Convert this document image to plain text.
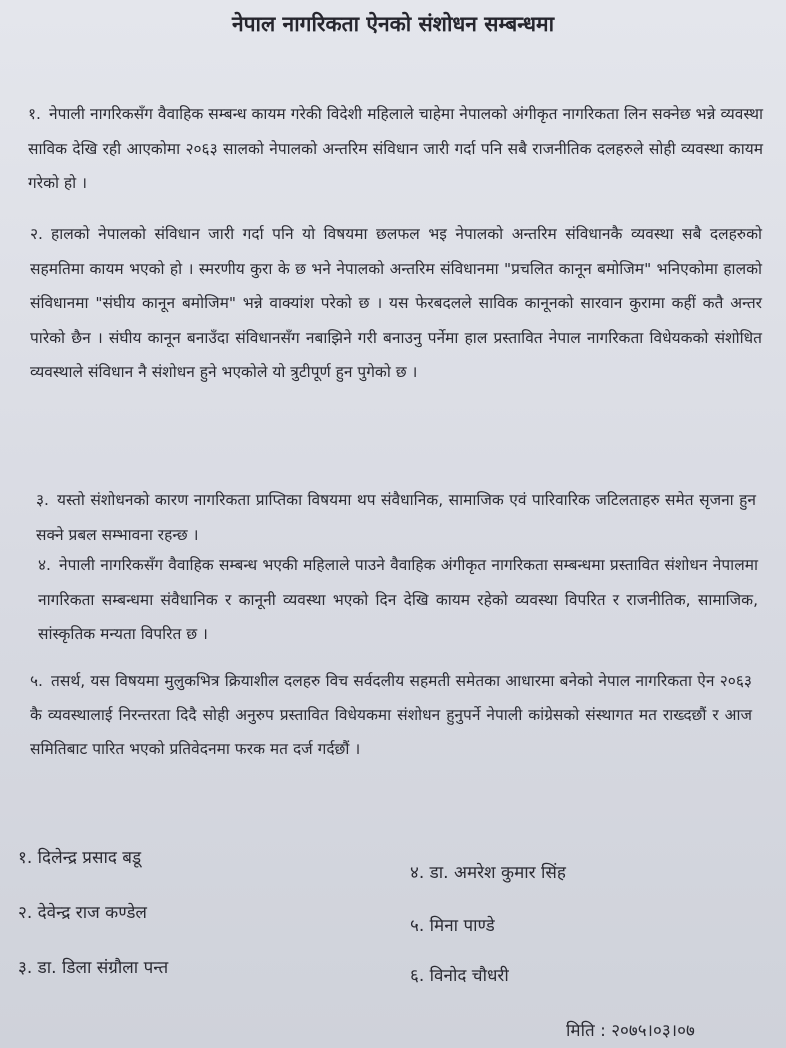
नेपाल नागरिकता ऐनको संशोधन सम्बन्धमा
१. नेपाली नागरिकसँग वैवाहिक सम्बन्ध कायम गरेकी विदेशी महिलाले चाहेमा नेपालको अंगीकृत नागरिकता लिन सक्नेछ भन्ने व्यवस्था साविक देखि रही आएकोमा २०६३ सालको नेपालको अन्तरिम संविधान जारी गर्दा पनि सबै राजनीतिक दलहरुले सोही व्यवस्था कायम गरेको हो ।
२. हालको नेपालको संविधान जारी गर्दा पनि यो विषयमा छलफल भइ नेपालको अन्तरिम संविधानकै व्यवस्था सबै दलहरुको सहमतिमा कायम भएको हो । स्मरणीय कुरा के छ भने नेपालको अन्तरिम संविधानमा "प्रचलित कानून बमोजिम" भनिएकोमा हालको संविधानमा "संघीय कानून बमोजिम" भन्ने वाक्यांश परेको छ । यस फेरबदलले साविक कानूनको सारवान कुरामा कहीं कतै अन्तर पारेको छैन । संघीय कानून बनाउँदा संविधानसँग नबाझिने गरी बनाउनु पर्नेमा हाल प्रस्तावित नेपाल नागरिकता विधेयकको संशोधित व्यवस्थाले संविधान नै संशोधन हुने भएकोले यो त्रुटीपूर्ण हुन पुगेको छ ।
३. यस्तो संशोधनको कारण नागरिकता प्राप्तिका विषयमा थप संवैधानिक, सामाजिक एवं पारिवारिक जटिलताहरु समेत सृजना हुन सक्ने प्रबल सम्भावना रहन्छ ।
४. नेपाली नागरिकसँग वैवाहिक सम्बन्ध भएकी महिलाले पाउने वैवाहिक अंगीकृत नागरिकता सम्बन्धमा प्रस्तावित संशोधन नेपालमा नागरिकता सम्बन्धमा संवैधानिक र कानूनी व्यवस्था भएको दिन देखि कायम रहेको व्यवस्था विपरित र राजनीतिक, सामाजिक, सांस्कृतिक मन्यता विपरित छ ।
५. तसर्थ, यस विषयमा मुलुकभित्र क्रियाशील दलहरु विच सर्वदलीय सहमती समेतका आधारमा बनेको नेपाल नागरिकता ऐन २०६३ कै व्यवस्थालाई निरन्तरता दिदै सोही अनुरुप प्रस्तावित विधेयकमा संशोधन हुनुपर्ने नेपाली कांग्रेसको संस्थागत मत राख्दछौं र आज समितिबाट पारित भएको प्रतिवेदनमा फरक मत दर्ज गर्दछौं ।
१. दिलेन्द्र प्रसाद बडू
२. देवेन्द्र राज कण्डेल
३. डा. डिला संग्रौला पन्त
४. डा. अमरेश कुमार सिंह
५. मिना पाण्डे
६. विनोद चौधरी
मिति : २०७५।०३।०७
